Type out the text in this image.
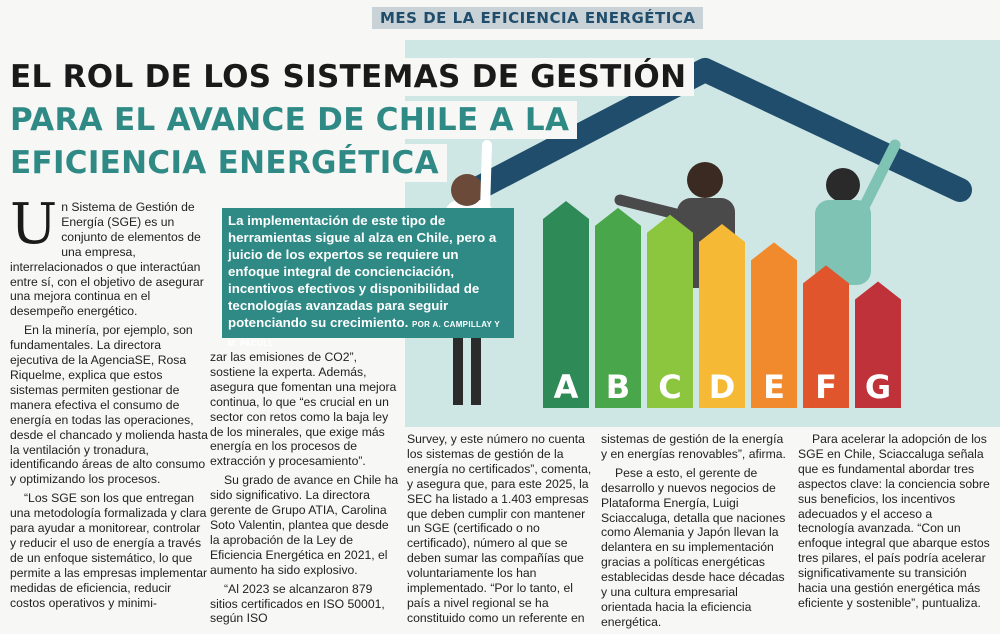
MES DE LA EFICIENCIA ENERGÉTICA
A B C D E F G
EL ROL DE LOS SISTEMAS DE GESTIÓN
PARA EL AVANCE DE CHILE A LA
EFICIENCIA ENERGÉTICA
La implementación de este tipo de herramientas sigue al alza en Chile, pero a juicio de los expertos se requiere un enfoque integral de concienciación, incentivos efectivos y disponibilidad de tecnologías avanzadas para seguir potenciando su crecimiento. POR A. CAMPILLAY Y M. PACULL

Un Sistema de Gestión de Energía (SGE) es un conjunto de elementos de una empresa, interrelacionados o que interactúan entre sí, con el objetivo de asegurar una mejora continua en el desempeño energético.

En la minería, por ejemplo, son fundamentales. La directora ejecutiva de la AgenciaSE, Rosa Riquelme, explica que estos sistemas permiten gestionar de manera efectiva el consumo de energía en todas las operaciones, desde el chancado y molienda hasta la ventilación y tronadura, identificando áreas de alto consumo y optimizando los procesos.

“Los SGE son los que entregan una metodología formalizada y clara para ayudar a monitorear, controlar y reducir el uso de energía a través de un enfoque sistemático, lo que permite a las empresas implementar medidas de eficiencia, reducir costos operativos y minimi-

zar las emisiones de CO2”, sostiene la experta. Además, asegura que fomentan una mejora continua, lo que “es crucial en un sector con retos como la baja ley de los minerales, que exige más energía en los procesos de extracción y procesamiento”.

Su grado de avance en Chile ha sido significativo. La directora gerente de Grupo ATIA, Carolina Soto Valentin, plantea que desde la aprobación de la Ley de Eficiencia Energética en 2021, el aumento ha sido explosivo.

“Al 2023 se alcanzaron 879 sitios certificados en ISO 50001, según ISO

Survey, y este número no cuenta los sistemas de gestión de la energía no certificados”, comenta, y asegura que, para este 2025, la SEC ha listado a 1.403 empresas que deben cumplir con mantener un SGE (certificado o no certificado), número al que se deben sumar las compañías que voluntariamente los han implementado. “Por lo tanto, el país a nivel regional se ha constituido como un referente en

sistemas de gestión de la energía y en energías renovables”, afirma.

Pese a esto, el gerente de desarrollo y nuevos negocios de Plataforma Energía, Luigi Sciaccaluga, detalla que naciones como Alemania y Japón llevan la delantera en su implementación gracias a políticas energéticas establecidas desde hace décadas y una cultura empresarial orientada hacia la eficiencia energética.

Para acelerar la adopción de los SGE en Chile, Sciaccaluga señala que es fundamental abordar tres aspectos clave: la conciencia sobre sus beneficios, los incentivos adecuados y el acceso a tecnología avanzada. “Con un enfoque integral que abarque estos tres pilares, el país podría acelerar significativamente su transición hacia una gestión energética más eficiente y sostenible”, puntualiza.
